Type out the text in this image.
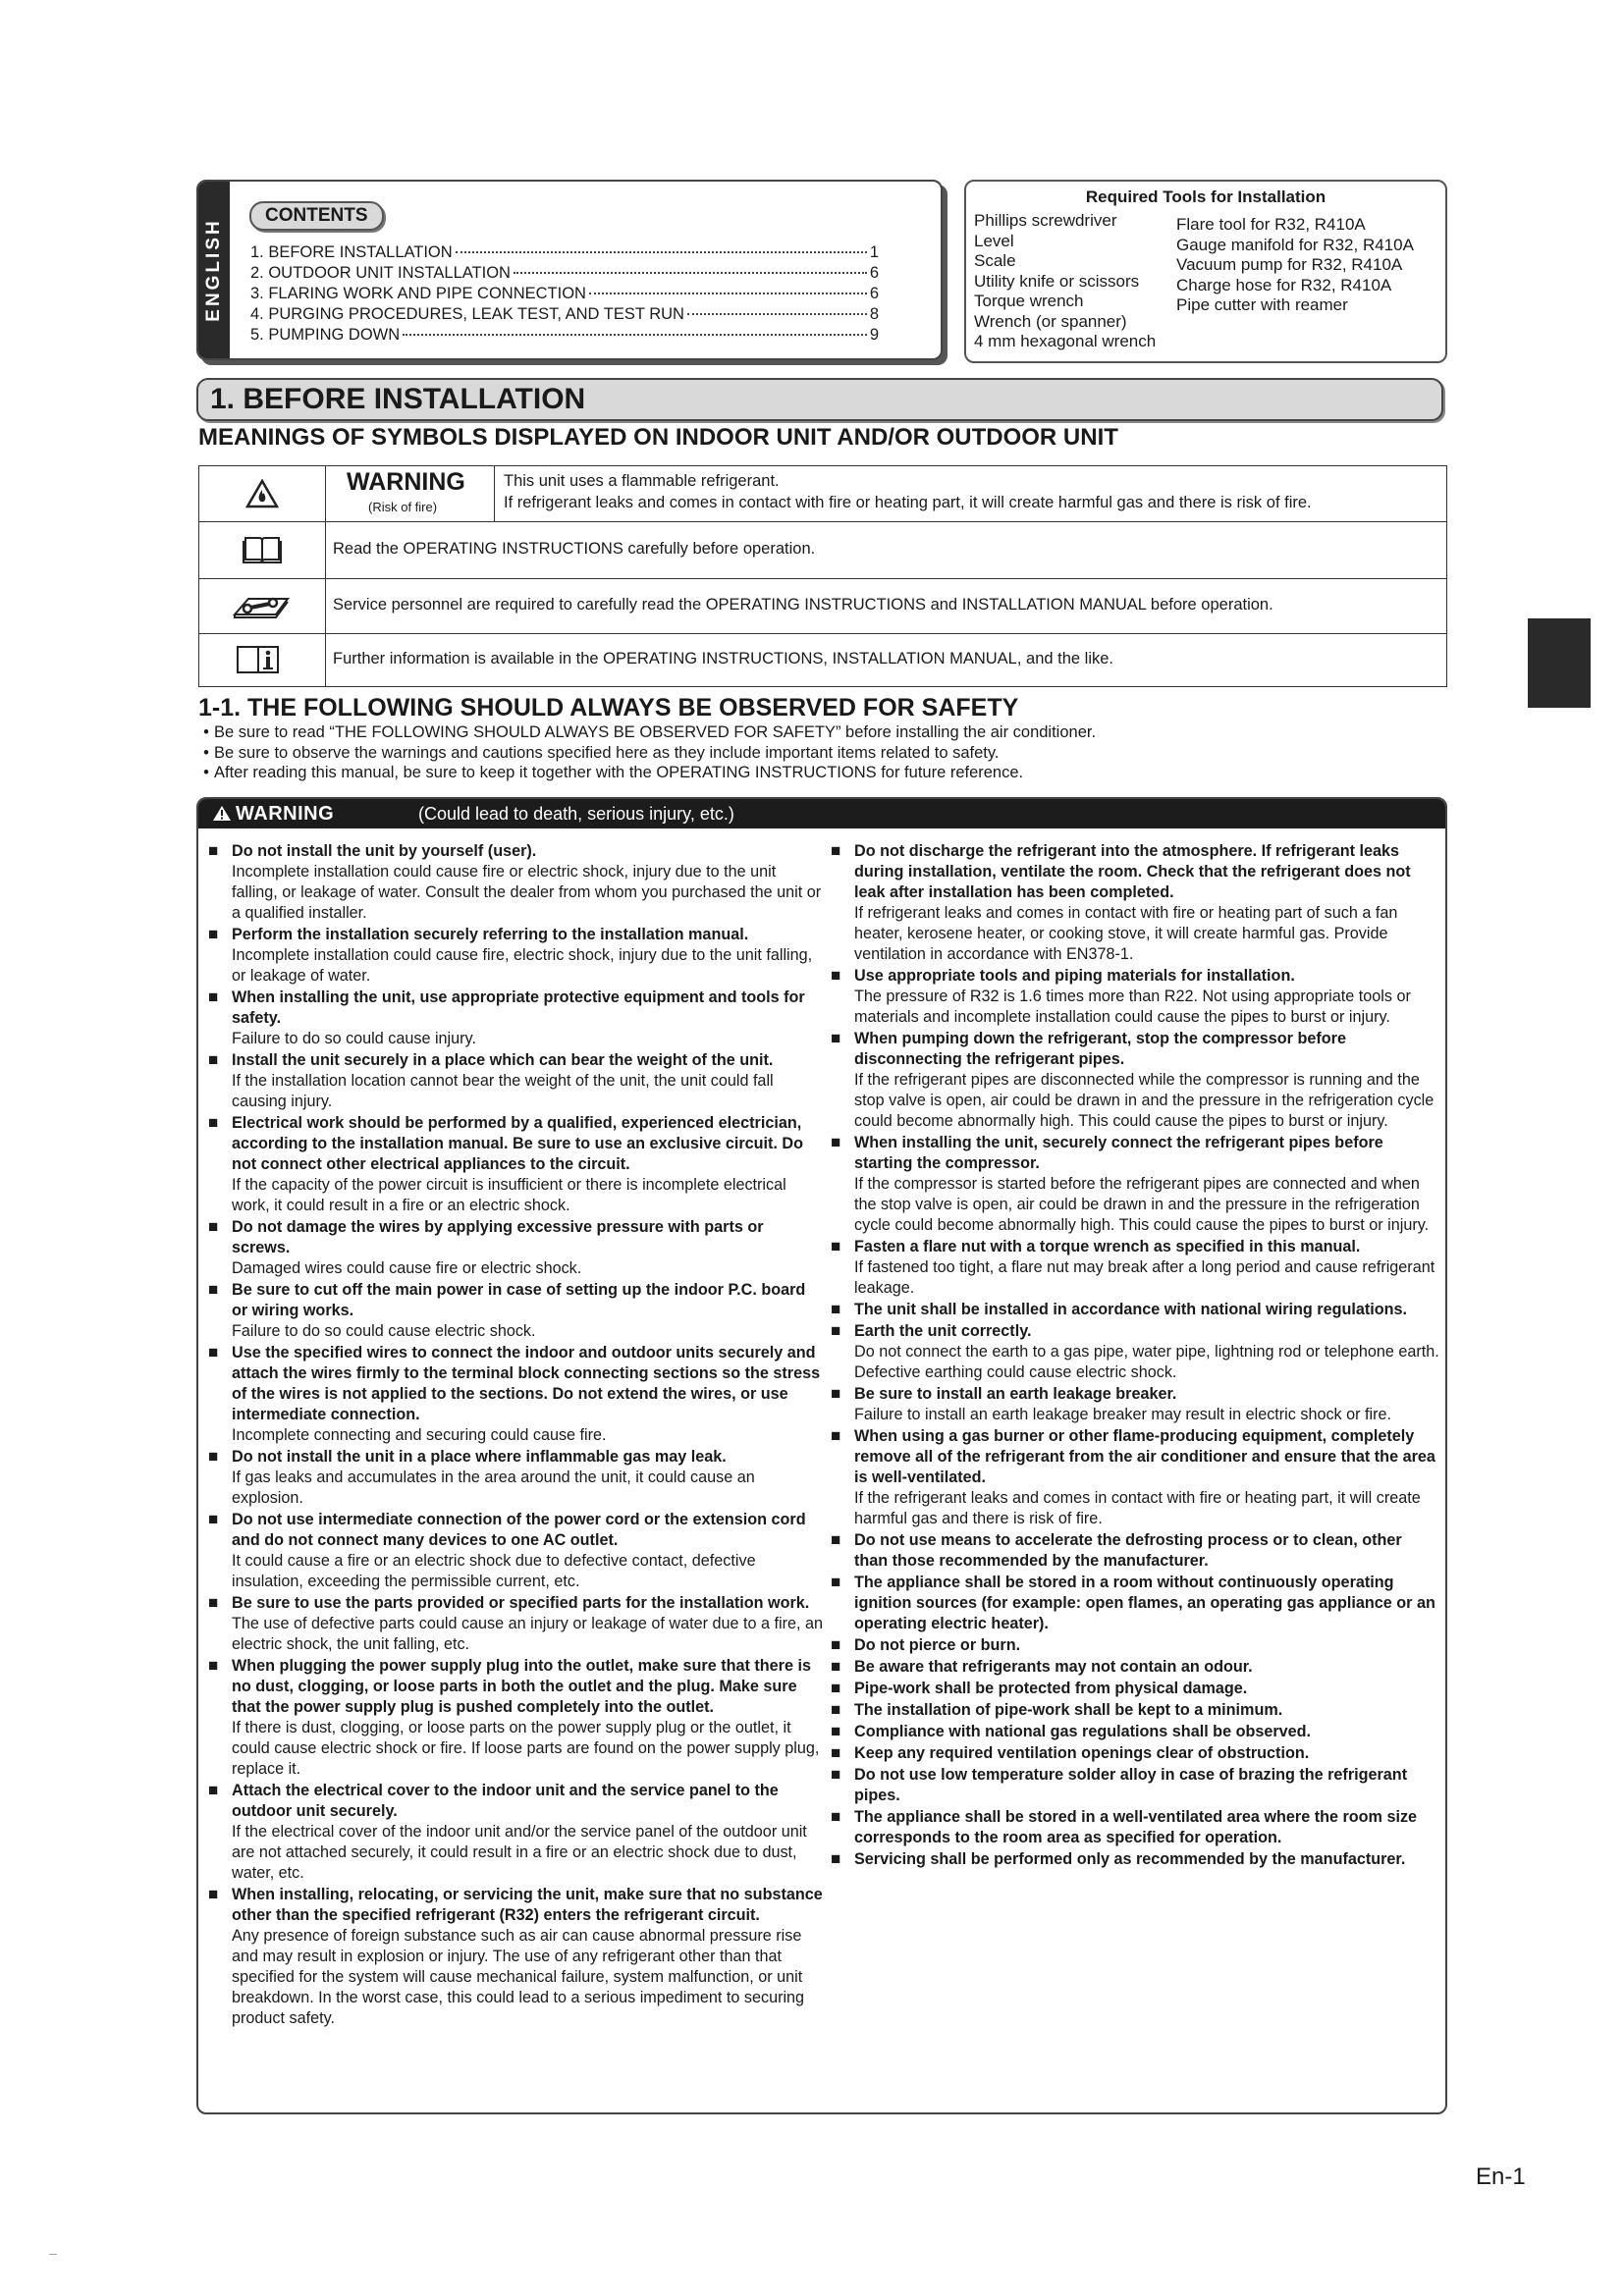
ENGLISH
CONTENTS
1. BEFORE INSTALLATION	1
2. OUTDOOR UNIT INSTALLATION	6
3. FLARING WORK AND PIPE CONNECTION	6
4. PURGING PROCEDURES, LEAK TEST, AND TEST RUN	8
5. PUMPING DOWN	9
Required Tools for Installation
Phillips screwdriver
Level
Scale
Utility knife or scissors
Torque wrench
Wrench (or spanner)
4 mm hexagonal wrench
Flare tool for R32, R410A
Gauge manifold for R32, R410A
Vacuum pump for R32, R410A
Charge hose for R32, R410A
Pipe cutter with reamer
1. BEFORE INSTALLATION
MEANINGS OF SYMBOLS DISPLAYED ON INDOOR UNIT AND/OR OUTDOOR UNIT
WARNING
(Risk of fire)
This unit uses a flammable refrigerant.
If refrigerant leaks and comes in contact with fire or heating part, it will create harmful gas and there is risk of fire.
Read the OPERATING INSTRUCTIONS carefully before operation.
Service personnel are required to carefully read the OPERATING INSTRUCTIONS and INSTALLATION MANUAL before operation.
Further information is available in the OPERATING INSTRUCTIONS, INSTALLATION MANUAL, and the like.
1-1. THE FOLLOWING SHOULD ALWAYS BE OBSERVED FOR SAFETY
• Be sure to read “THE FOLLOWING SHOULD ALWAYS BE OBSERVED FOR SAFETY” before installing the air conditioner.
• Be sure to observe the warnings and cautions specified here as they include important items related to safety.
• After reading this manual, be sure to keep it together with the OPERATING INSTRUCTIONS for future reference.
WARNING	(Could lead to death, serious injury, etc.)
■ Do not install the unit by yourself (user).
Incomplete installation could cause fire or electric shock, injury due to the unit falling, or leakage of water. Consult the dealer from whom you purchased the unit or a qualified installer.
■ Perform the installation securely referring to the installation manual.
Incomplete installation could cause fire, electric shock, injury due to the unit falling, or leakage of water.
■ When installing the unit, use appropriate protective equipment and tools for safety.
Failure to do so could cause injury.
■ Install the unit securely in a place which can bear the weight of the unit.
If the installation location cannot bear the weight of the unit, the unit could fall causing injury.
■ Electrical work should be performed by a qualified, experienced electrician, according to the installation manual. Be sure to use an exclusive circuit. Do not connect other electrical appliances to the circuit.
If the capacity of the power circuit is insufficient or there is incomplete electrical work, it could result in a fire or an electric shock.
■ Do not damage the wires by applying excessive pressure with parts or screws.
Damaged wires could cause fire or electric shock.
■ Be sure to cut off the main power in case of setting up the indoor P.C. board or wiring works.
Failure to do so could cause electric shock.
■ Use the specified wires to connect the indoor and outdoor units securely and attach the wires firmly to the terminal block connecting sections so the stress of the wires is not applied to the sections. Do not extend the wires, or use intermediate connection.
Incomplete connecting and securing could cause fire.
■ Do not install the unit in a place where inflammable gas may leak.
If gas leaks and accumulates in the area around the unit, it could cause an explosion.
■ Do not use intermediate connection of the power cord or the extension cord and do not connect many devices to one AC outlet.
It could cause a fire or an electric shock due to defective contact, defective insulation, exceeding the permissible current, etc.
■ Be sure to use the parts provided or specified parts for the installation work.
The use of defective parts could cause an injury or leakage of water due to a fire, an electric shock, the unit falling, etc.
■ When plugging the power supply plug into the outlet, make sure that there is no dust, clogging, or loose parts in both the outlet and the plug. Make sure that the power supply plug is pushed completely into the outlet.
If there is dust, clogging, or loose parts on the power supply plug or the outlet, it could cause electric shock or fire. If loose parts are found on the power supply plug, replace it.
■ Attach the electrical cover to the indoor unit and the service panel to the outdoor unit securely.
If the electrical cover of the indoor unit and/or the service panel of the outdoor unit are not attached securely, it could result in a fire or an electric shock due to dust, water, etc.
■ When installing, relocating, or servicing the unit, make sure that no substance other than the specified refrigerant (R32) enters the refrigerant circuit.
Any presence of foreign substance such as air can cause abnormal pressure rise and may result in explosion or injury. The use of any refrigerant other than that specified for the system will cause mechanical failure, system malfunction, or unit breakdown. In the worst case, this could lead to a serious impediment to securing product safety.
■ Do not discharge the refrigerant into the atmosphere. If refrigerant leaks during installation, ventilate the room. Check that the refrigerant does not leak after installation has been completed.
If refrigerant leaks and comes in contact with fire or heating part of such a fan heater, kerosene heater, or cooking stove, it will create harmful gas. Provide ventilation in accordance with EN378-1.
■ Use appropriate tools and piping materials for installation.
The pressure of R32 is 1.6 times more than R22. Not using appropriate tools or materials and incomplete installation could cause the pipes to burst or injury.
■ When pumping down the refrigerant, stop the compressor before disconnecting the refrigerant pipes.
If the refrigerant pipes are disconnected while the compressor is running and the stop valve is open, air could be drawn in and the pressure in the refrigeration cycle could become abnormally high. This could cause the pipes to burst or injury.
■ When installing the unit, securely connect the refrigerant pipes before starting the compressor.
If the compressor is started before the refrigerant pipes are connected and when the stop valve is open, air could be drawn in and the pressure in the refrigeration cycle could become abnormally high. This could cause the pipes to burst or injury.
■ Fasten a flare nut with a torque wrench as specified in this manual.
If fastened too tight, a flare nut may break after a long period and cause refrigerant leakage.
■ The unit shall be installed in accordance with national wiring regulations.
■ Earth the unit correctly.
Do not connect the earth to a gas pipe, water pipe, lightning rod or telephone earth. Defective earthing could cause electric shock.
■ Be sure to install an earth leakage breaker.
Failure to install an earth leakage breaker may result in electric shock or fire.
■ When using a gas burner or other flame-producing equipment, completely remove all of the refrigerant from the air conditioner and ensure that the area is well-ventilated.
If the refrigerant leaks and comes in contact with fire or heating part, it will create harmful gas and there is risk of fire.
■ Do not use means to accelerate the defrosting process or to clean, other than those recommended by the manufacturer.
■ The appliance shall be stored in a room without continuously operating ignition sources (for example: open flames, an operating gas appliance or an operating electric heater).
■ Do not pierce or burn.
■ Be aware that refrigerants may not contain an odour.
■ Pipe-work shall be protected from physical damage.
■ The installation of pipe-work shall be kept to a minimum.
■ Compliance with national gas regulations shall be observed.
■ Keep any required ventilation openings clear of obstruction.
■ Do not use low temperature solder alloy in case of brazing the refrigerant pipes.
■ The appliance shall be stored in a well-ventilated area where the room size corresponds to the room area as specified for operation.
■ Servicing shall be performed only as recommended by the manufacturer.
En-1
–
